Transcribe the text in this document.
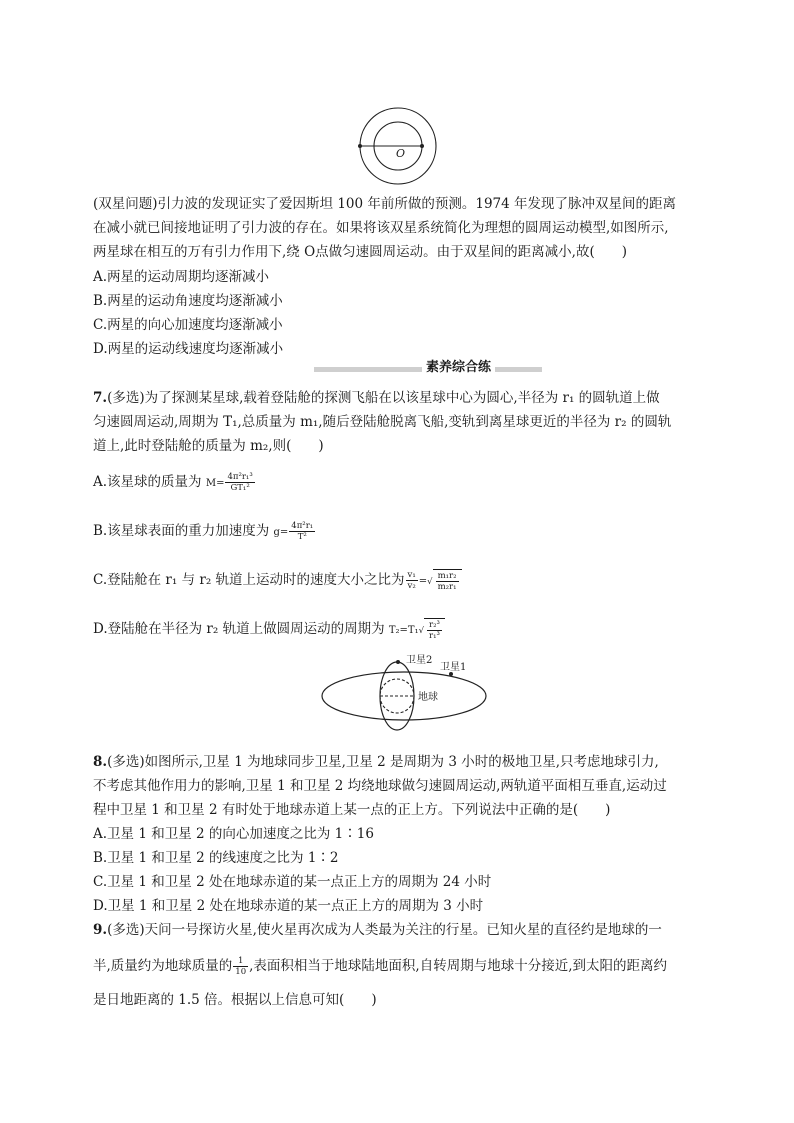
O
(双星问题)引力波的发现证实了爱因斯坦 100 年前所做的预测。1974 年发现了脉冲双星间的距离
在减小就已间接地证明了引力波的存在。如果将该双星系统简化为理想的圆周运动模型,如图所示,
两星球在相互的万有引力作用下,绕 O点做匀速圆周运动。由于双星间的距离减小,故(　　)
A.两星的运动周期均逐渐减小
B.两星的运动角速度均逐渐减小
C.两星的向心加速度均逐渐减小
D.两星的运动线速度均逐渐减小
素养综合练
7.(多选)为了探测某星球,载着登陆舱的探测飞船在以该星球中心为圆心,半径为 r₁ 的圆轨道上做
匀速圆周运动,周期为 T₁,总质量为 m₁,随后登陆舱脱离飞船,变轨到离星球更近的半径为 r₂ 的圆轨
道上,此时登陆舱的质量为 m₂,则(　　)
A.该星球的质量为 $M= \frac{\text{4π²r₁³}}{\text{GT₁²}}$
B.该星球表面的重力加速度为 $g= \frac{\text{4π²r₁}}{\text{T²}}$
C.登陆舱在 r₁ 与 r₂ 轨道上运动时的速度大小之比为 $\frac{\text{v₁}}{\text{v₂}}$ =√ $\frac{\text{m₁r₂}}{\text{m₂r₁}}$
D.登陆舱在半径为 r₂ 轨道上做圆周运动的周期为 $T_2=T_1√ \frac{\text{r₂³}}{\text{r₁³}}$
卫星2
卫星1
地球
8.(多选)如图所示,卫星 1 为地球同步卫星,卫星 2 是周期为 3 小时的极地卫星,只考虑地球引力,
不考虑其他作用力的影响,卫星 1 和卫星 2 均绕地球做匀速圆周运动,两轨道平面相互垂直,运动过
程中卫星 1 和卫星 2 有时处于地球赤道上某一点的正上方。下列说法中正确的是(　　)
A.卫星 1 和卫星 2 的向心加速度之比为 1∶16
B.卫星 1 和卫星 2 的线速度之比为 1∶2
C.卫星 1 和卫星 2 处在地球赤道的某一点正上方的周期为 24 小时
D.卫星 1 和卫星 2 处在地球赤道的某一点正上方的周期为 3 小时
9.(多选)天问一号探访火星,使火星再次成为人类最为关注的行星。已知火星的直径约是地球的一
半,质量约为地球质量的 $\frac{1}{10}$ ,表面积相当于地球陆地面积,自转周期与地球十分接近,到太阳的距离约
是日地距离的 1.5 倍。根据以上信息可知(　　)
